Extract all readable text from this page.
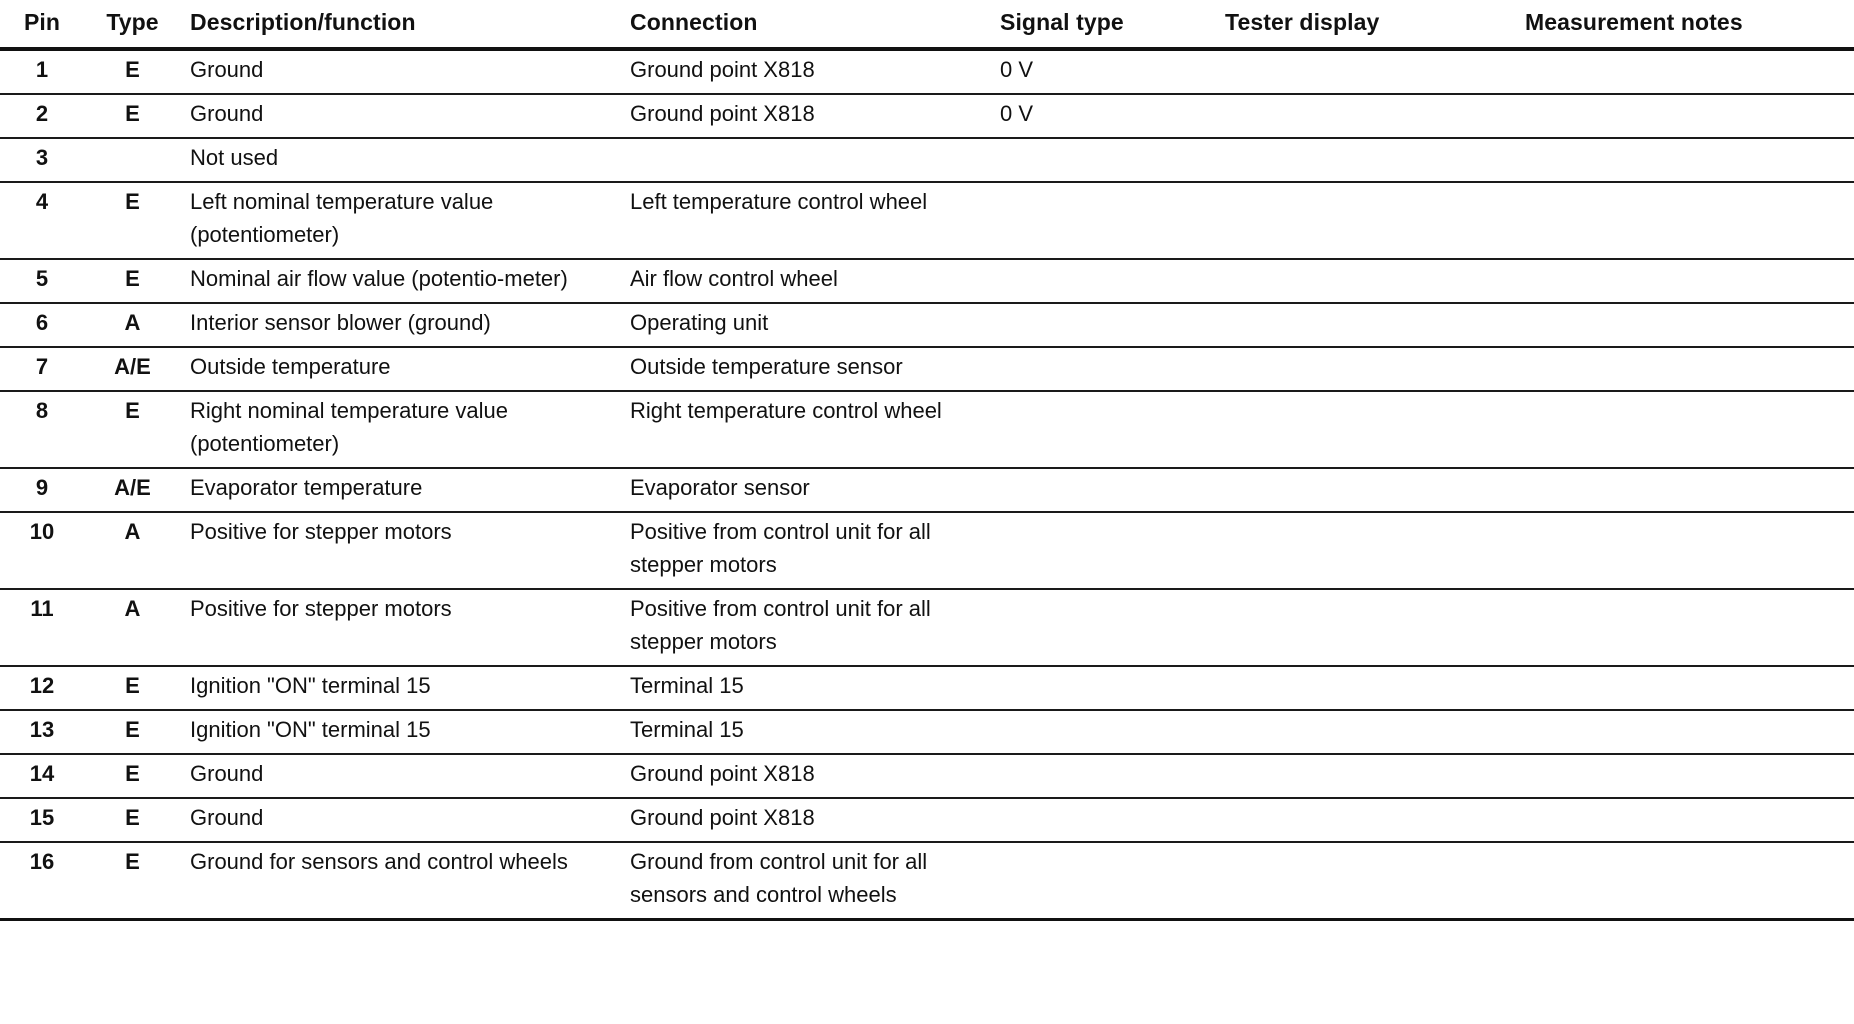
Pin	Type	Description/function	Connection	Signal type	Tester display	Measurement notes
1	E	Ground	Ground point X818	0 V		
2	E	Ground	Ground point X818	0 V		
3		Not used				
4	E	Left nominal temperature value (potentiometer)	Left temperature control wheel			
5	E	Nominal air flow value (potentio-meter)	Air flow control wheel			
6	A	Interior sensor blower (ground)	Operating unit			
7	A/E	Outside temperature	Outside temperature sensor			
8	E	Right nominal temperature value (potentiometer)	Right temperature control wheel			
9	A/E	Evaporator temperature	Evaporator sensor			
10	A	Positive for stepper motors	Positive from control unit for all stepper motors			
11	A	Positive for stepper motors	Positive from control unit for all stepper motors			
12	E	Ignition "ON" terminal 15	Terminal 15			
13	E	Ignition "ON" terminal 15	Terminal 15			
14	E	Ground	Ground point X818			
15	E	Ground	Ground point X818			
16	E	Ground for sensors and control wheels	Ground from control unit for all sensors and control wheels			
